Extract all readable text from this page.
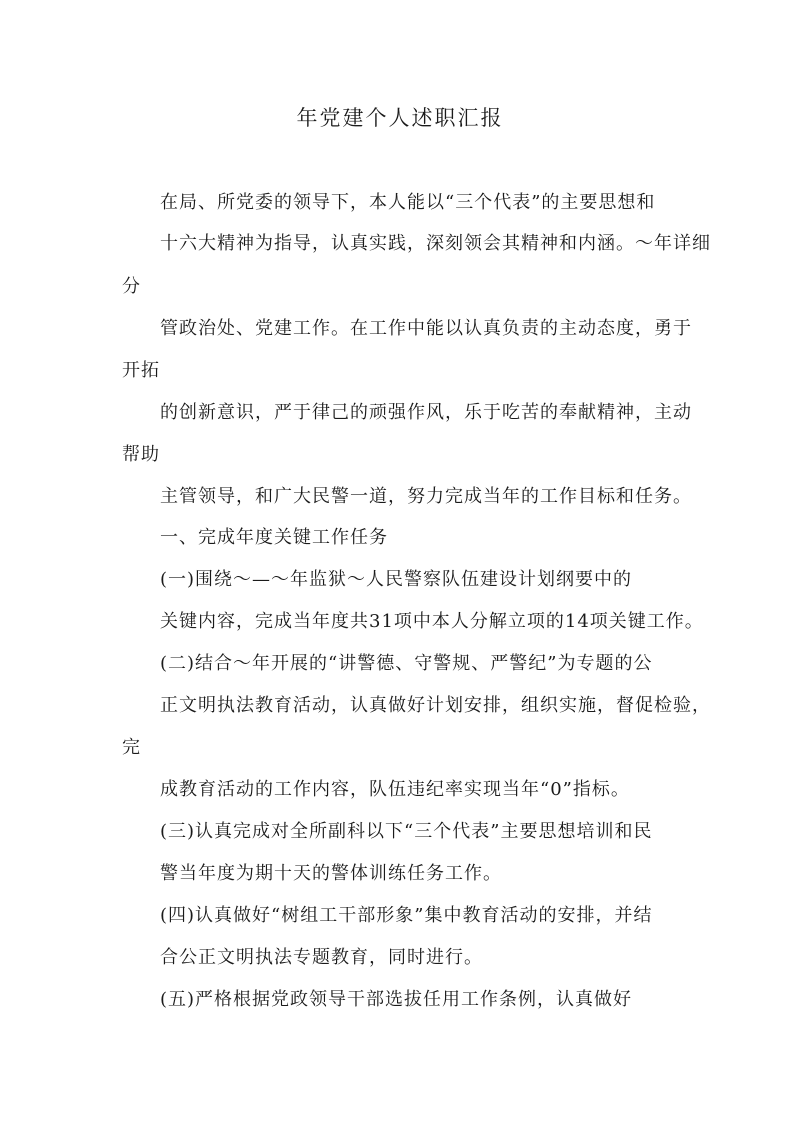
年党建个人述职汇报
在局、所党委的领导下，本人能以“三个代表”的主要思想和
十六大精神为指导，认真实践，深刻领会其精神和内涵。～年详细
分
管政治处、党建工作。在工作中能以认真负责的主动态度，勇于
开拓
的创新意识，严于律己的顽强作风，乐于吃苦的奉献精神，主动
帮助
主管领导，和广大民警一道，努力完成当年的工作目标和任务。
一、完成年度关键工作任务
(一)围绕～—～年监狱～人民警察队伍建设计划纲要中的
关键内容，完成当年度共31项中本人分解立项的14项关键工作。
(二)结合～年开展的“讲警德、守警规、严警纪”为专题的公
正文明执法教育活动，认真做好计划安排，组织实施，督促检验，
完
成教育活动的工作内容，队伍违纪率实现当年“0”指标。
(三)认真完成对全所副科以下“三个代表”主要思想培训和民
警当年度为期十天的警体训练任务工作。
(四)认真做好“树组工干部形象”集中教育活动的安排，并结
合公正文明执法专题教育，同时进行。
(五)严格根据党政领导干部选拔任用工作条例，认真做好
